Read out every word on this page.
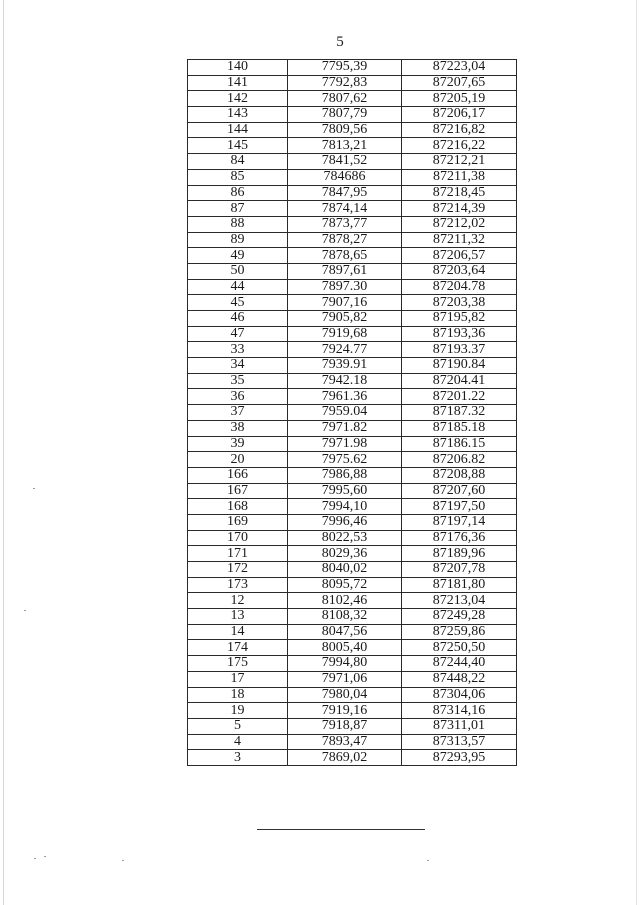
5
140	7795,39	87223,04
141	7792,83	87207,65
142	7807,62	87205,19
143	7807,79	87206,17
144	7809,56	87216,82
145	7813,21	87216,22
84	7841,52	87212,21
85	784686	87211,38
86	7847,95	87218,45
87	7874,14	87214,39
88	7873,77	87212,02
89	7878,27	87211,32
49	7878,65	87206,57
50	7897,61	87203,64
44	7897.30	87204.78
45	7907,16	87203,38
46	7905,82	87195,82
47	7919,68	87193,36
33	7924.77	87193.37
34	7939.91	87190.84
35	7942.18	87204.41
36	7961.36	87201.22
37	7959.04	87187.32
38	7971.82	87185.18
39	7971.98	87186.15
20	7975.62	87206.82
166	7986,88	87208,88
167	7995,60	87207,60
168	7994,10	87197,50
169	7996,46	87197,14
170	8022,53	87176,36
171	8029,36	87189,96
172	8040,02	87207,78
173	8095,72	87181,80
12	8102,46	87213,04
13	8108,32	87249,28
14	8047,56	87259,86
174	8005,40	87250,50
175	7994,80	87244,40
17	7971,06	87448,22
18	7980,04	87304,06
19	7919,16	87314,16
5	7918,87	87311,01
4	7893,47	87313,57
3	7869,02	87293,95
